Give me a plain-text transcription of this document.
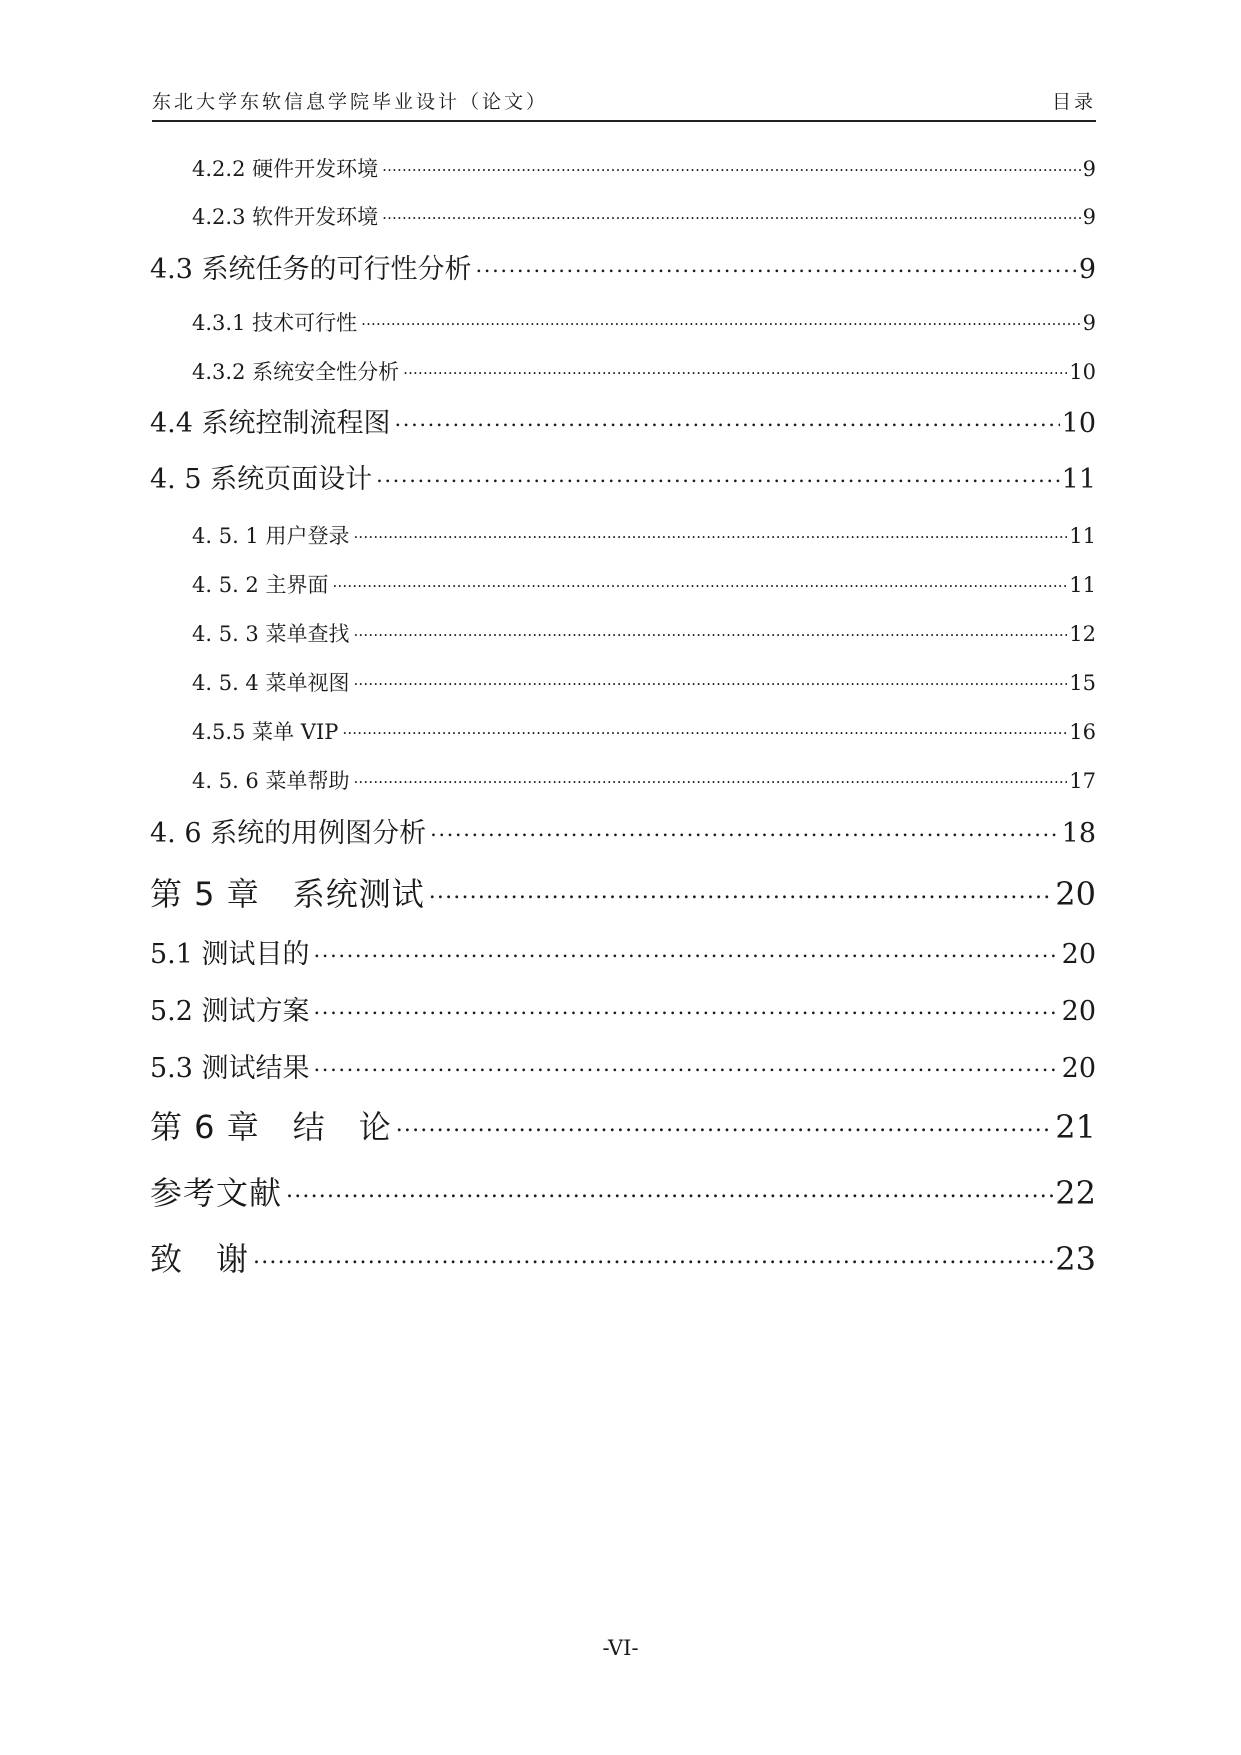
东北大学东软信息学院毕业设计（论文）	目录
4.2.2 硬件开发环境 .....	9
4.2.3 软件开发环境 .....	9
4.3 系统任务的可行性分析 .....	9
4.3.1 技术可行性 .....	9
4.3.2 系统安全性分析 .....	10
4.4 系统控制流程图 .....	10
4. 5 系统页面设计 .....	11
4. 5. 1 用户登录 .....	11
4. 5. 2 主界面 .....	11
4. 5. 3 菜单查找 .....	12
4. 5. 4 菜单视图 .....	15
4.5.5 菜单 VIP .....	16
4. 5. 6 菜单帮助 .....	17
4. 6 系统的用例图分析 .....	18
第 5 章　系统测试 .....	20
5.1 测试目的 .....	20
5.2 测试方案 .....	20
5.3 测试结果 .....	20
第 6 章　结　论 .....	21
参考文献 .....	22
致　谢 .....	23
-VI-
